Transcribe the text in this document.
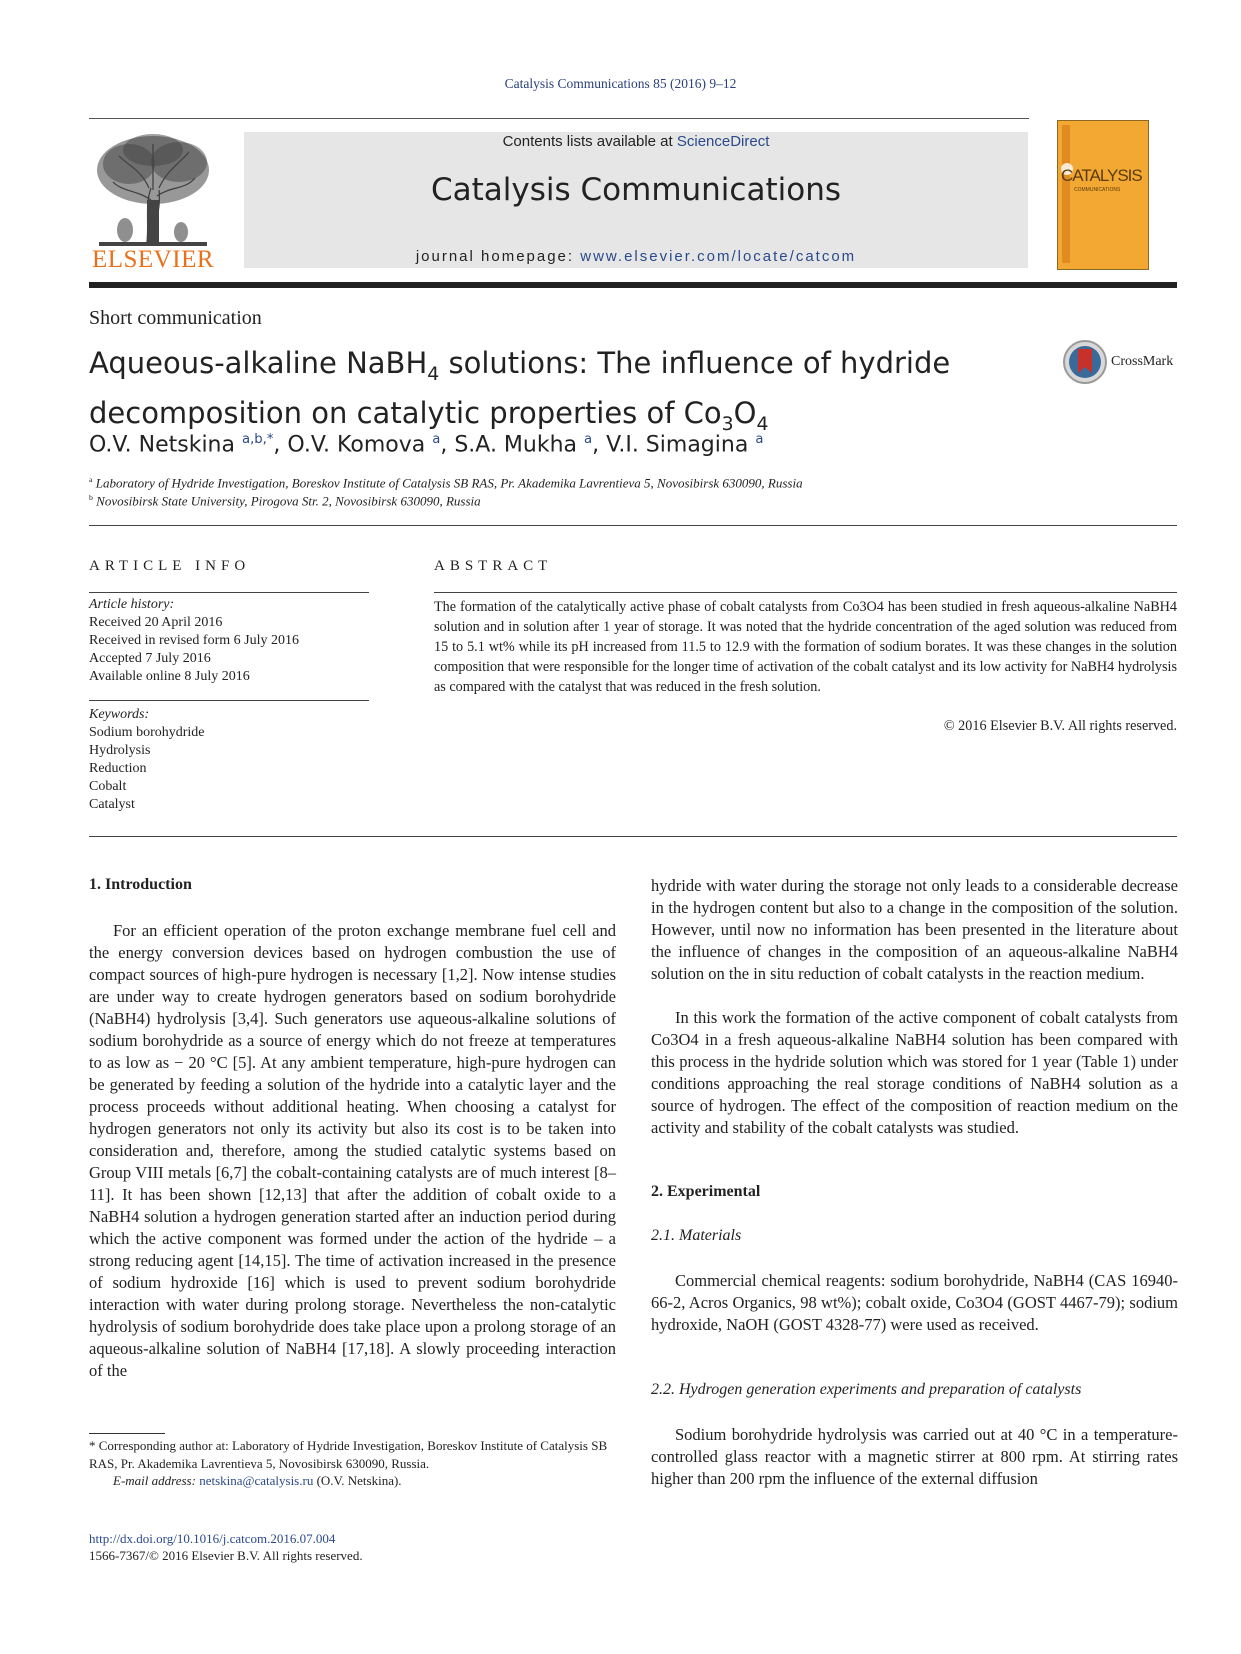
Catalysis Communications 85 (2016) 9–12
ELSEVIER
Contents lists available at ScienceDirect
Catalysis Communications
journal homepage: www.elsevier.com/locate/catcom
CATALYSIS
COMMUNICATIONS
Short communication
Aqueous-alkaline NaBH$_4$ solutions: The influence of hydride decomposition on catalytic properties of $Co_3O_4$
CrossMark
O.V. Netskina $^{a,b,*}$, O.V. Komova $^a$, S.A. Mukha $^a$, V.I. Simagina $^a$
$^a$ Laboratory of Hydride Investigation, Boreskov Institute of Catalysis SB RAS, Pr. Akademika Lavrentieva 5, Novosibirsk 630090, Russia
$^b$ Novosibirsk State University, Pirogova Str. 2, Novosibirsk 630090, Russia
ARTICLE INFO
Article history:
Received 20 April 2016
Received in revised form 6 July 2016
Accepted 7 July 2016
Available online 8 July 2016
Keywords:
Sodium borohydride
Hydrolysis
Reduction
Cobalt
Catalyst
ABSTRACT
The formation of the catalytically active phase of cobalt catalysts from Co3O4 has been studied in fresh aqueous-alkaline NaBH4 solution and in solution after 1 year of storage. It was noted that the hydride concentration of the aged solution was reduced from 15 to 5.1 wt% while its pH increased from 11.5 to 12.9 with the formation of sodium borates. It was these changes in the solution composition that were responsible for the longer time of activation of the cobalt catalyst and its low activity for NaBH4 hydrolysis as compared with the catalyst that was reduced in the fresh solution.
© 2016 Elsevier B.V. All rights reserved.
1. Introduction
For an efficient operation of the proton exchange membrane fuel cell and the energy conversion devices based on hydrogen combustion the use of compact sources of high-pure hydrogen is necessary [1,2]. Now intense studies are under way to create hydrogen generators based on sodium borohydride (NaBH4) hydrolysis [3,4]. Such generators use aqueous-alkaline solutions of sodium borohydride as a source of energy which do not freeze at temperatures to as low as − 20 °C [5]. At any ambient temperature, high-pure hydrogen can be generated by feeding a solution of the hydride into a catalytic layer and the process proceeds without additional heating. When choosing a catalyst for hydrogen generators not only its activity but also its cost is to be taken into consideration and, therefore, among the studied catalytic systems based on Group VIII metals [6,7] the cobalt-containing catalysts are of much interest [8–11]. It has been shown [12,13] that after the addition of cobalt oxide to a NaBH4 solution a hydrogen generation started after an induction period during which the active component was formed under the action of the hydride – a strong reducing agent [14,15]. The time of activation increased in the presence of sodium hydroxide [16] which is used to prevent sodium borohydride interaction with water during prolong storage. Nevertheless the non-catalytic hydrolysis of sodium borohydride does take place upon a prolong storage of an aqueous-alkaline solution of NaBH4 [17,18]. A slowly proceeding interaction of the
hydride with water during the storage not only leads to a considerable decrease in the hydrogen content but also to a change in the composition of the solution. However, until now no information has been presented in the literature about the influence of changes in the composition of an aqueous-alkaline NaBH4 solution on the in situ reduction of cobalt catalysts in the reaction medium.
In this work the formation of the active component of cobalt catalysts from Co3O4 in a fresh aqueous-alkaline NaBH4 solution has been compared with this process in the hydride solution which was stored for 1 year (Table 1) under conditions approaching the real storage conditions of NaBH4 solution as a source of hydrogen. The effect of the composition of reaction medium on the activity and stability of the cobalt catalysts was studied.
2. Experimental
2.1. Materials
Commercial chemical reagents: sodium borohydride, NaBH4 (CAS 16940-66-2, Acros Organics, 98 wt%); cobalt oxide, Co3O4 (GOST 4467-79); sodium hydroxide, NaOH (GOST 4328-77) were used as received.
2.2. Hydrogen generation experiments and preparation of catalysts
Sodium borohydride hydrolysis was carried out at 40 °C in a temperature-controlled glass reactor with a magnetic stirrer at 800 rpm. At stirring rates higher than 200 rpm the influence of the external diffusion
* Corresponding author at: Laboratory of Hydride Investigation, Boreskov Institute of Catalysis SB RAS, Pr. Akademika Lavrentieva 5, Novosibirsk 630090, Russia.
E-mail address: netskina@catalysis.ru (O.V. Netskina).
http://dx.doi.org/10.1016/j.catcom.2016.07.004
1566-7367/© 2016 Elsevier B.V. All rights reserved.
